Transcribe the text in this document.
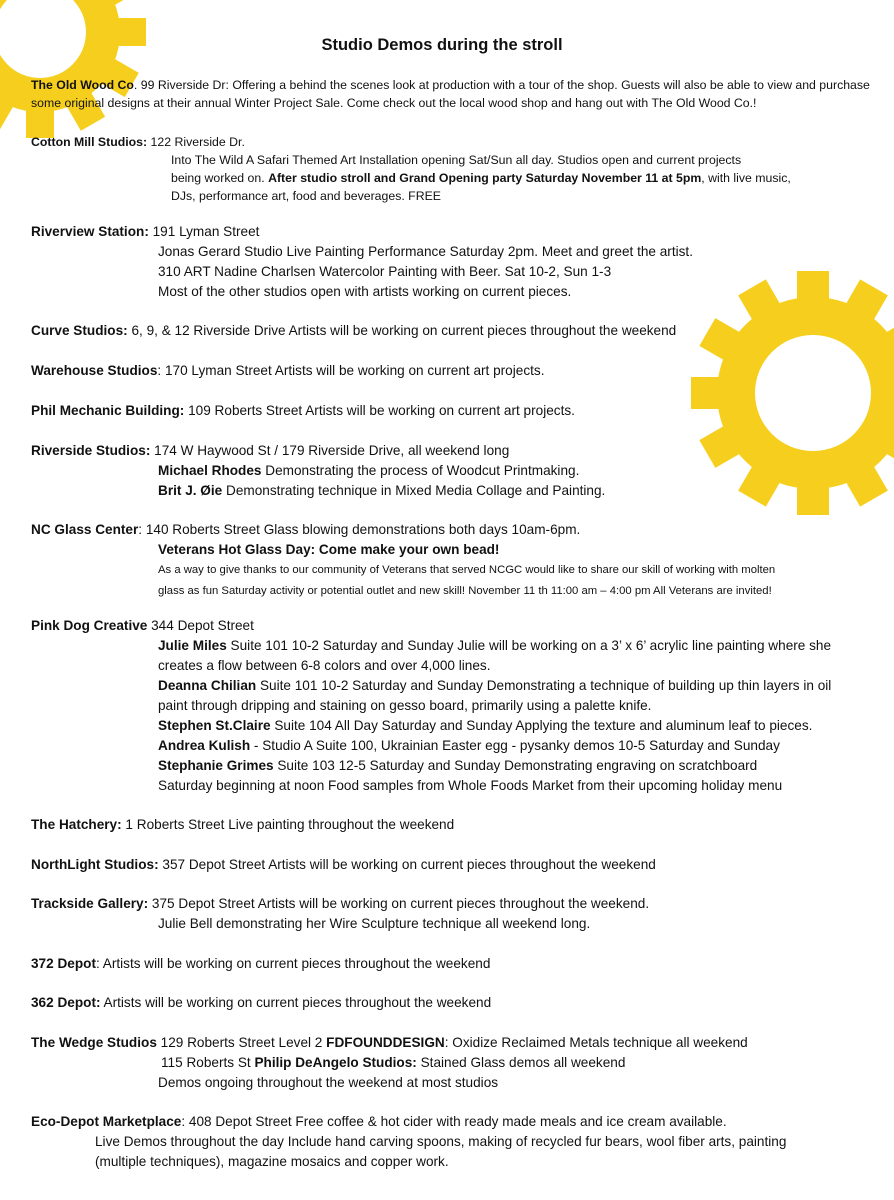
Studio Demos during the stroll
The Old Wood Co. 99 Riverside Dr: Offering a behind the scenes look at production with a tour of the shop. Guests will also be able to view and purchase some original designs at their annual Winter Project Sale. Come check out the local wood shop and hang out with The Old Wood Co.!
Cotton Mill Studios: 122 Riverside Dr.
Into The Wild A Safari Themed Art Installation opening Sat/Sun all day. Studios open and current projects
being worked on. After studio stroll and Grand Opening party Saturday November 11 at 5pm, with live music,
DJs, performance art, food and beverages. FREE
Riverview Station: 191 Lyman Street
Jonas Gerard Studio Live Painting Performance Saturday 2pm. Meet and greet the artist.
310 ART Nadine Charlsen Watercolor Painting with Beer. Sat 10-2, Sun 1-3
Most of the other studios open with artists working on current pieces.
Curve Studios: 6, 9, & 12 Riverside Drive Artists will be working on current pieces throughout the weekend
Warehouse Studios: 170 Lyman Street Artists will be working on current art projects.
Phil Mechanic Building: 109 Roberts Street Artists will be working on current art projects.
Riverside Studios: 174 W Haywood St / 179 Riverside Drive, all weekend long
Michael Rhodes Demonstrating the process of Woodcut Printmaking.
Brit J. Øie Demonstrating technique in Mixed Media Collage and Painting.
NC Glass Center: 140 Roberts Street Glass blowing demonstrations both days 10am-6pm.
Veterans Hot Glass Day: Come make your own bead!
As a way to give thanks to our community of Veterans that served NCGC would like to share our skill of working with molten
glass as fun Saturday activity or potential outlet and new skill! November 11 th 11:00 am – 4:00 pm All Veterans are invited!
Pink Dog Creative 344 Depot Street
Julie Miles Suite 101 10-2 Saturday and Sunday Julie will be working on a 3’ x 6’ acrylic line painting where she creates a flow between 6-8 colors and over 4,000 lines.
Deanna Chilian Suite 101 10-2 Saturday and Sunday Demonstrating a technique of building up thin layers in oil paint through dripping and staining on gesso board, primarily using a palette knife.
Stephen St.Claire Suite 104 All Day Saturday and Sunday Applying the texture and aluminum leaf to pieces.
Andrea Kulish - Studio A Suite 100, Ukrainian Easter egg - pysanky demos 10-5 Saturday and Sunday
Stephanie Grimes Suite 103 12-5 Saturday and Sunday Demonstrating engraving on scratchboard
Saturday beginning at noon Food samples from Whole Foods Market from their upcoming holiday menu
The Hatchery: 1 Roberts Street Live painting throughout the weekend
NorthLight Studios: 357 Depot Street Artists will be working on current pieces throughout the weekend
Trackside Gallery: 375 Depot Street Artists will be working on current pieces throughout the weekend.
Julie Bell demonstrating her Wire Sculpture technique all weekend long.
372 Depot: Artists will be working on current pieces throughout the weekend
362 Depot: Artists will be working on current pieces throughout the weekend
The Wedge Studios 129 Roberts Street Level 2 FDFOUNDDESIGN: Oxidize Reclaimed Metals technique all weekend
115 Roberts St Philip DeAngelo Studios: Stained Glass demos all weekend
Demos ongoing throughout the weekend at most studios
Eco-Depot Marketplace: 408 Depot Street Free coffee & hot cider with ready made meals and ice cream available.
Live Demos throughout the day Include hand carving spoons, making of recycled fur bears, wool fiber arts, painting (multiple techniques), magazine mosaics and copper work.
